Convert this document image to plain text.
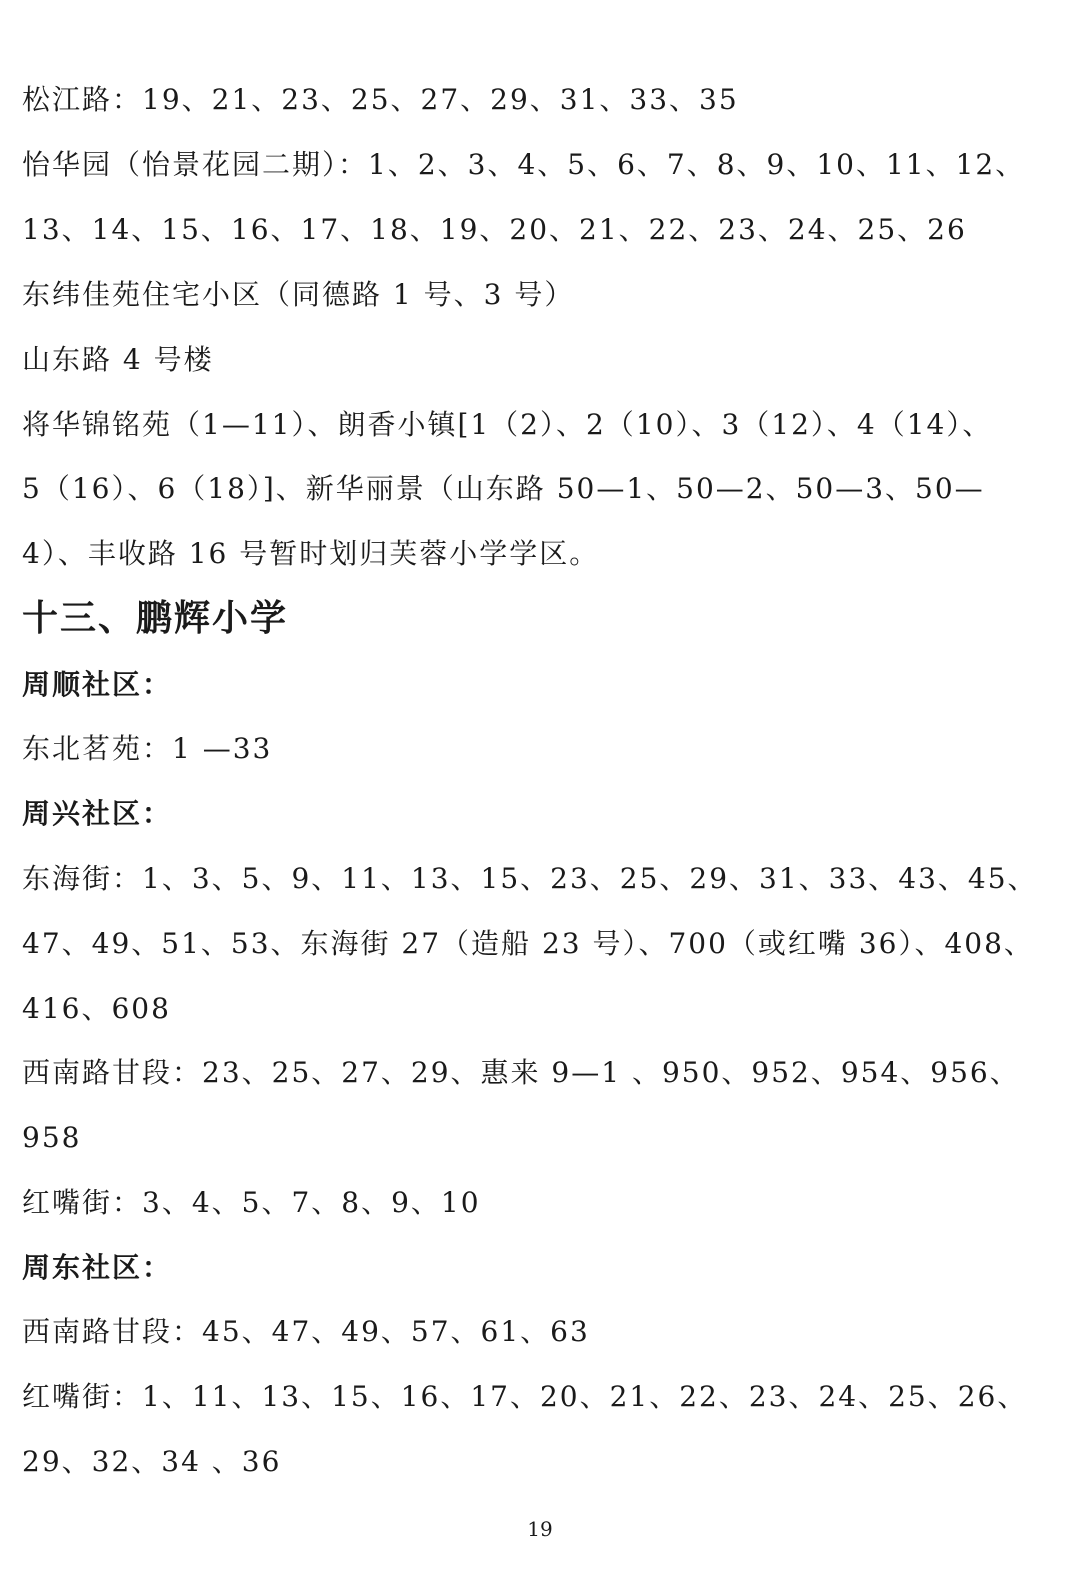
松江路：19、21、23、25、27、29、31、33、35
怡华园（怡景花园二期）：1、2、3、4、5、6、7、8、9、10、11、12、
13、14、15、16、17、18、19、20、21、22、23、24、25、26
东纬佳苑住宅小区（同德路 1 号、3 号）
山东路 4 号楼
将华锦铭苑（1—11）、朗香小镇[1（2）、2（10）、3（12）、4（14）、
5（16）、6（18）]、新华丽景（山东路 50—1、50—2、50—3、50—
4）、丰收路 16 号暂时划归芙蓉小学学区。
十三、鹏辉小学
周顺社区：
东北茗苑：1 —33
周兴社区：
东海街：1、3、5、9、11、13、15、23、25、29、31、33、43、45、
47、49、51、53、东海街 27（造船 23 号）、700（或红嘴 36）、408、
416、608
西南路甘段：23、25、27、29、惠来 9—1 、950、952、954、956、
958
红嘴街：3、4、5、7、8、9、10
周东社区：
西南路甘段：45、47、49、57、61、63
红嘴街：1、11、13、15、16、17、20、21、22、23、24、25、26、
29、32、34 、36
19
